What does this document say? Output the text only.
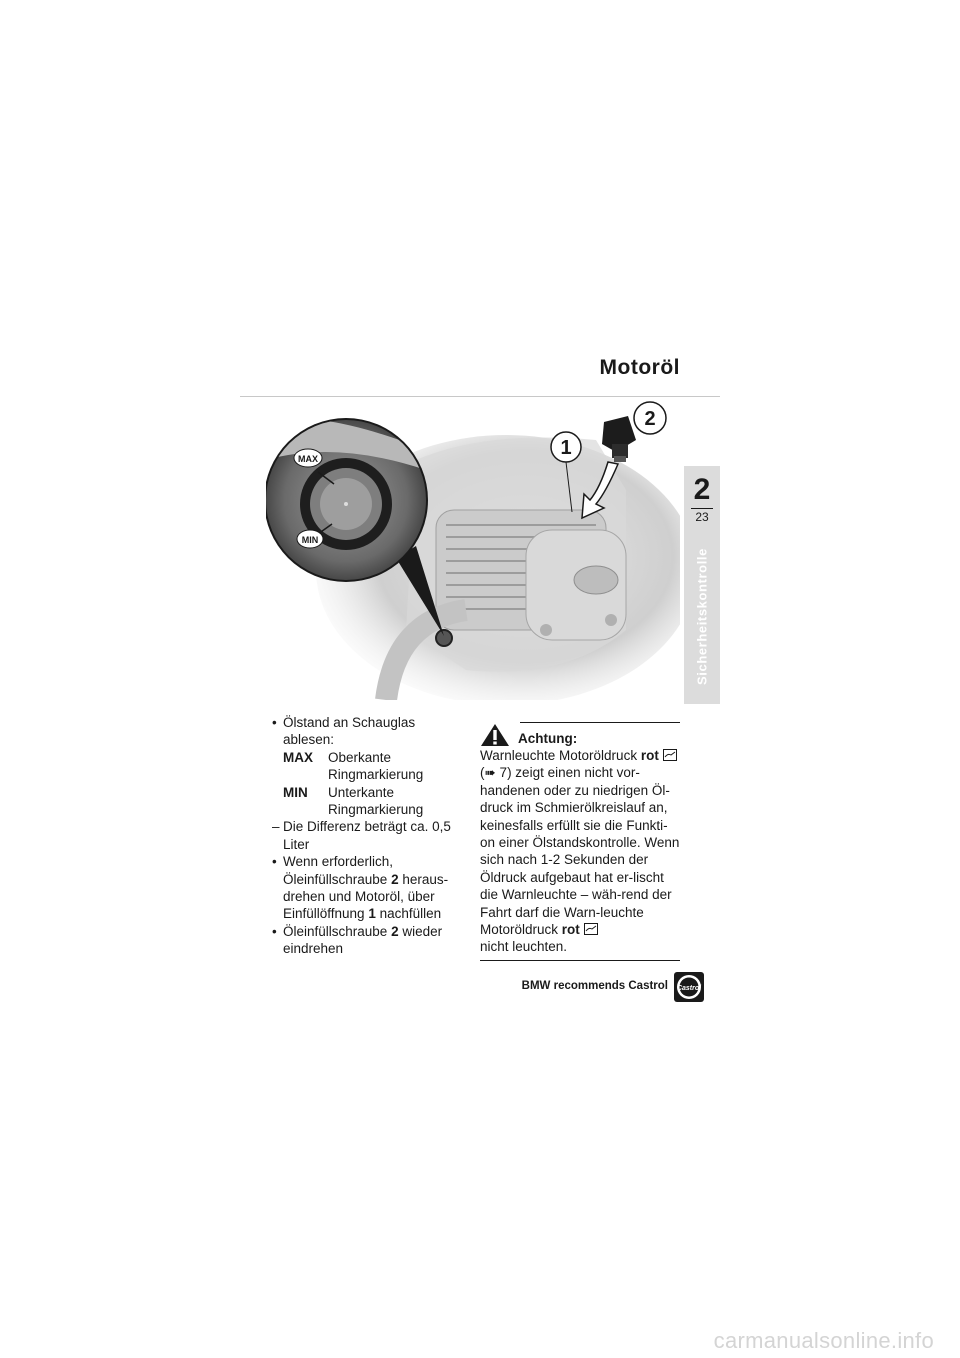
Motoröl
2
23
Sicherheitskontrolle
MAX
MIN
2
1
• Ölstand an Schauglas ablesen:
MAX	Oberkante Ringmarkierung
MIN	Unterkante Ringmarkierung
– Die Differenz beträgt ca. 0,5 Liter
• Wenn erforderlich, Öleinfüllschraube 2 heraus-drehen und Motoröl, über Einfüllöffnung 1 nachfüllen
• Öleinfüllschraube 2 wieder eindrehen
Achtung:
Warnleuchte Motoröldruck rot  (➠ 7) zeigt einen nicht vor-handenen oder zu niedrigen Öl-druck im Schmierölkreislauf an, keinesfalls erfüllt sie die Funkti-on einer Ölstandskontrolle. Wenn sich nach 1-2 Sekunden der Öldruck aufgebaut hat er-lischt die Warnleuchte – wäh-rend der Fahrt darf die Warn-leuchte Motoröldruck rot
nicht leuchten.
BMW recommends Castrol Castrol
carmanualsonline.info
